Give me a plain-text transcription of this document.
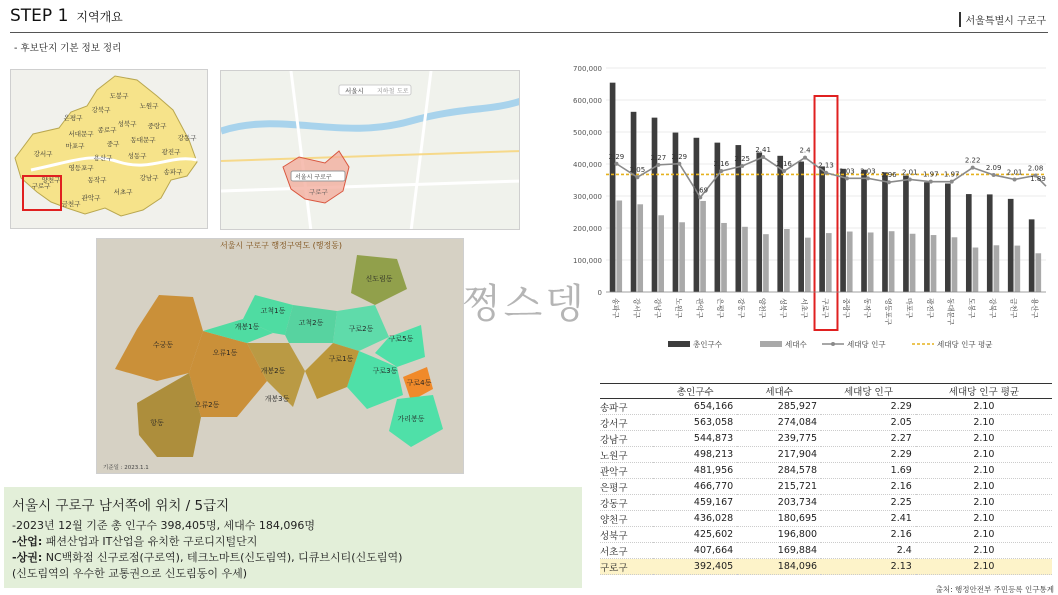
STEP 1 지역개요	서울특별시 구로구
- 후보단지 기본 정보 정리
도봉구
노원구
강북구
은평구
성북구
종로구	중랑구
서대문구
마포구	중구 동대문구
용산구 성동구 광진구
강동구
강서구
양천구
영등포구
동작구
관악구
서초구
강남구
송파구
금천구
구로구
서울시 지하철 도로
서울시 구로구
구로구
서울시 구로구 행정구역도 (행정동)
신도림동
고척1동
고척2동
개봉1동	구로2동
구로5동
오류1동
수궁동
구로1동
구로3동
개봉2동
구로4동
오류2동
개봉3동
가리봉동
항동
기준일 : 2023.1.1
서울시 구로구 남서쪽에 위치 / 5급지
-2023년 12월 기준 총 인구수 398,405명, 세대수 184,096명
-산업: 패션산업과 IT산업을 유치한 구로디지털단지
-상권: NC백화점 신구로점(구로역), 테크노마트(신도림역), 디큐브시티(신도림역)
(신도림역의 우수한 교통권으로 신도림동이 우세)
0
100,000
200,000
300,000
400,000
500,000
600,000
700,000
송파구 강서구 강남구 노원구 관악구 은평구 강동구 양천구 성북구 서초구 구로구 중랑구 동작구 영등포구 마포구 광진구 동대문구 도봉구 강북구 금천구 용산구
2.29
2.05
2.27 2.29
1.69
2.16
2.25
2.41
2.16
2.4
2.13
2.03 2.03 1.96 2.01 1.97 1.97
2.22
2.09
2.01 2.08
1.89
총인구수	세대수	세대당 인구	세대당 인구 평균
쩡스뎅
	총인구수	세대수	세대당 인구	세대당 인구 평균
송파구	654,166	285,927	2.29	2.10
강서구	563,058	274,084	2.05	2.10
강남구	544,873	239,775	2.27	2.10
노원구	498,213	217,904	2.29	2.10
관악구	481,956	284,578	1.69	2.10
은평구	466,770	215,721	2.16	2.10
강동구	459,167	203,734	2.25	2.10
양천구	436,028	180,695	2.41	2.10
성북구	425,602	196,800	2.16	2.10
서초구	407,664	169,884	2.4	2.10
구로구	392,405	184,096	2.13	2.10
출처: 행정안전부 주민등록 인구통계
